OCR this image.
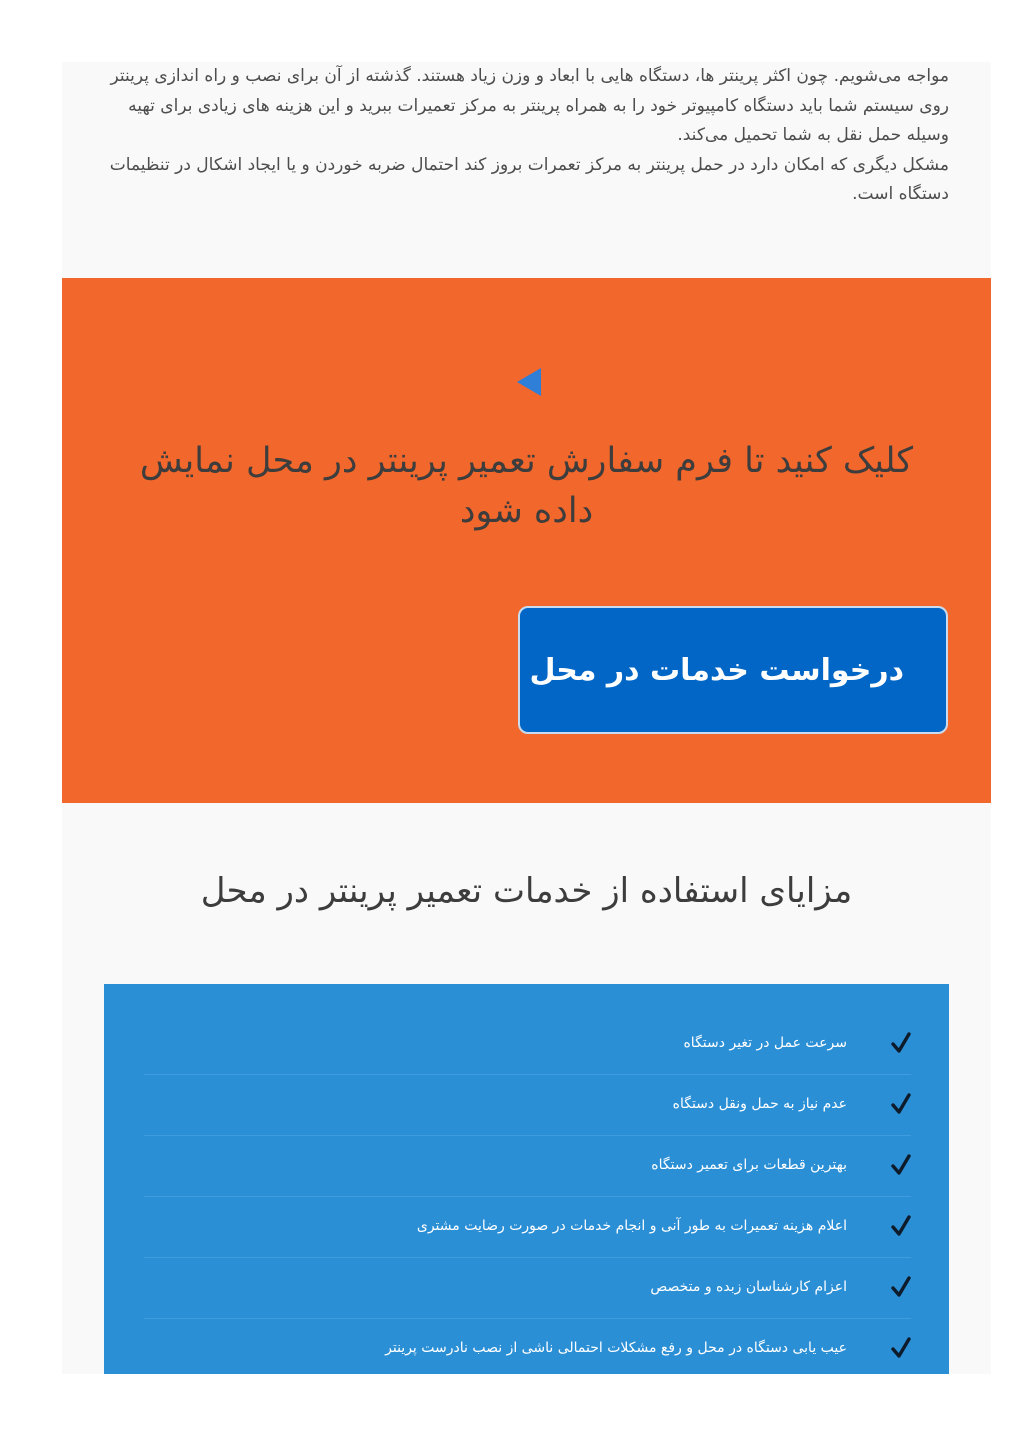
مواجه می‌شویم. چون اکثر پرینتر ها، دستگاه هایی با ابعاد و وزن زیاد هستند. گذشته از آن برای نصب و راه اندازی پرینتر روی سیستم شما باید دستگاه کامپیوتر خود را به همراه پرینتر به مرکز تعمیرات ببرید و این هزینه های زیادی برای تهیه وسیله حمل نقل به شما تحمیل می‌کند.

مشکل دیگری که امکان دارد در حمل پرینتر به مرکز تعمرات بروز کند احتمال ضربه خوردن و یا ایجاد اشکال در تنظیمات دستگاه است.

کلیک کنید تا فرم سفارش تعمیر پرینتر در محل نمایش داده شود
درخواست خدمات در محل
مزایای استفاده از خدمات تعمیر پرینتر در محل
سرعت عمل در تغیر دستگاه
عدم نیاز به حمل ونقل دستگاه
بهترین قطعات برای تعمیر دستگاه
اعلام هزینه تعمیرات به طور آنی و انجام خدمات در صورت رضایت مشتری
اعزام کارشناسان زبده و متخصص
عیب یابی دستگاه در محل و رفع مشکلات احتمالی ناشی از نصب نادرست پرینتر
